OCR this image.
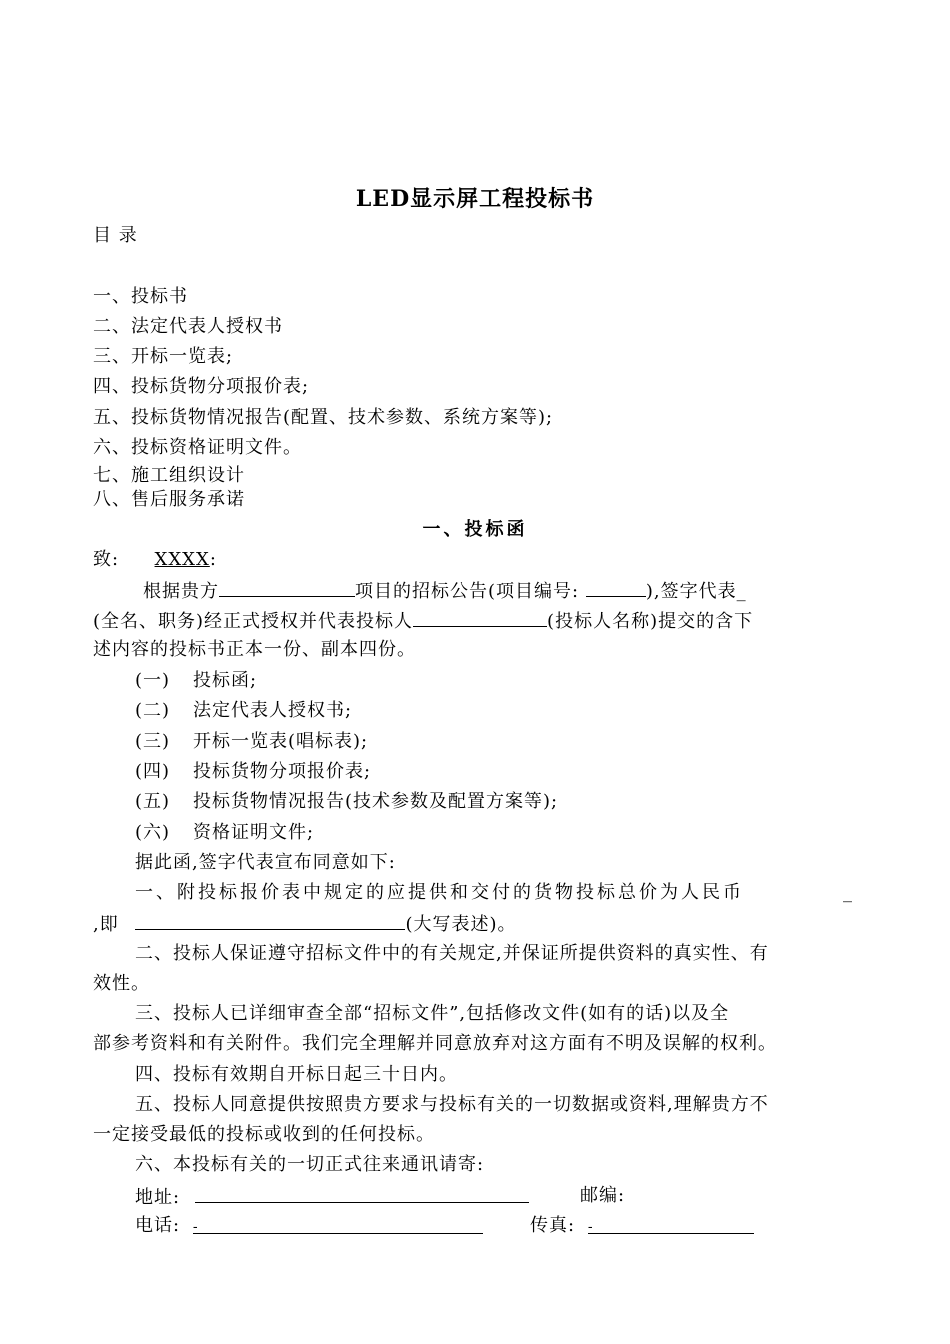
LED显示屏工程投标书
目 录
一、投标书
二、法定代表人授权书
三、开标一览表;
四、投标货物分项报价表;
五、投标货物情况报告(配置、技术参数、系统方案等);
六、投标资格证明文件。
七、施工组织设计
八、售后服务承诺
一、投标函
致: XXXX:
根据贵方	项目的招标公告(项目编号:	),签字代表_
(全名、职务)经正式授权并代表投标人	(投标人名称)提交的含下
述内容的投标书正本一份、副本四份。
(一) 投标函;
(二) 法定代表人授权书;
(三) 开标一览表(唱标表);
(四) 投标货物分项报价表;
(五) 投标货物情况报告(技术参数及配置方案等);
(六) 资格证明文件;
据此函,签字代表宣布同意如下:
一、附投标报价表中规定的应提供和交付的货物投标总价为人民币	_
,即	(大写表述)。
二、投标人保证遵守招标文件中的有关规定,并保证所提供资料的真实性、有
效性。
三、投标人已详细审查全部“招标文件”,包括修改文件(如有的话)以及全
部参考资料和有关附件。我们完全理解并同意放弃对这方面有不明及误解的权利。
四、投标有效期自开标日起三十日内。
五、投标人同意提供按照贵方要求与投标有关的一切数据或资料,理解贵方不
一定接受最低的投标或收到的任何投标。
六、本投标有关的一切正式往来通讯请寄:
地址:	邮编:
电话: -	传真: -
